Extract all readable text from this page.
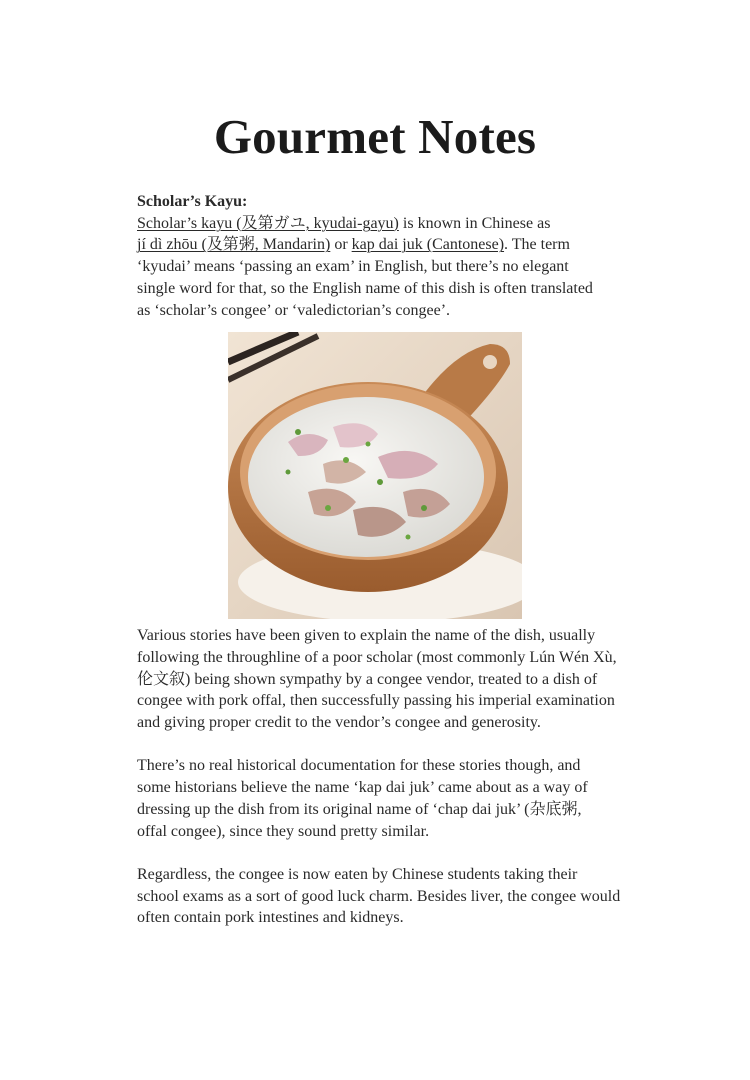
Gourmet Notes

Scholar’s Kayu:

Scholar’s kayu (及第ガユ, kyudai-gayu) is known in Chinese as
jí dì zhōu (及第粥, Mandarin) or kap dai juk (Cantonese). The term
‘kyudai’ means ‘passing an exam’ in English, but there’s no elegant
single word for that, so the English name of this dish is often translated
as ‘scholar’s congee’ or ‘valedictorian’s congee’.

Various stories have been given to explain the name of the dish, usually
following the throughline of a poor scholar (most commonly Lún Wén Xù,
伦文叙) being shown sympathy by a congee vendor, treated to a dish of
congee with pork offal, then successfully passing his imperial examination
and giving proper credit to the vendor’s congee and generosity.

There’s no real historical documentation for these stories though, and
some historians believe the name ‘kap dai juk’ came about as a way of
dressing up the dish from its original name of ‘chap dai juk’ (杂底粥,
offal congee), since they sound pretty similar.

Regardless, the congee is now eaten by Chinese students taking their
school exams as a sort of good luck charm. Besides liver, the congee would
often contain pork intestines and kidneys.
